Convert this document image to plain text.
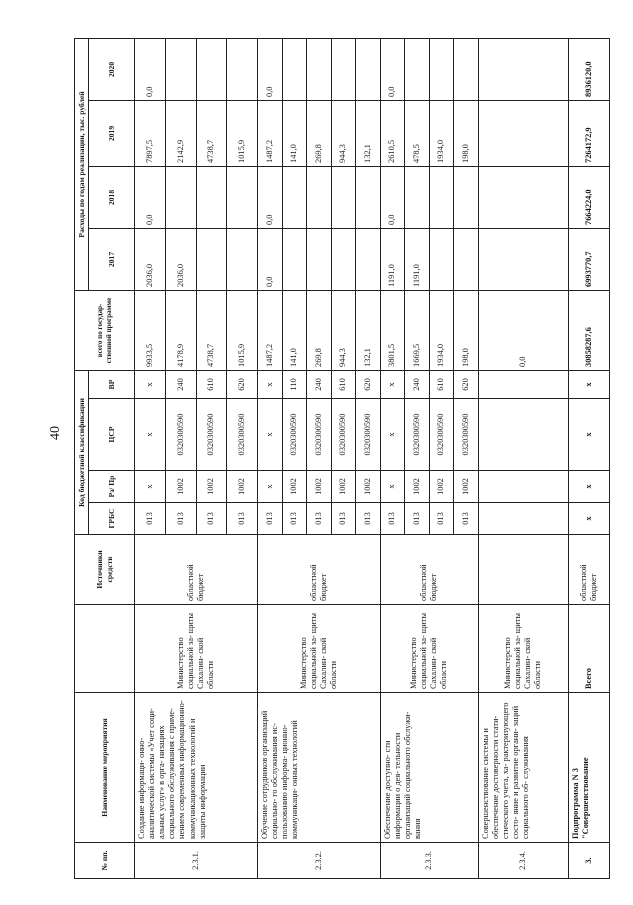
40
№ пп.	Наименование мероприятия		Источники средств	Код бюджетной классификации				всего по государ- ственной программе	Расходы по годам реализации, тыс. рублей			
				ГРБС	Рз/ Пр	ЦСР	ВР		2017	2018	2019	2020
2.3.1.	Создание информаци- онно- аналитической системы «Учет соци- альных услуг» в орга- низациях социального обслуживания с приме- нением современных информационно- коммуникационных технологий и защиты информации	Министерство социальной за- щиты Сахалин- ской области	областной бюджет	013	x	x	x	9933,5	2036,0	0,0	7897,5	0,0
				013	1002	0320300590	240	4178,9	2036,0		2142,9	
				013	1002	0320300590	610	4738,7			4738,7	
				013	1002	0320300590	620	1015,9			1015,9	
2.3.2.	Обучение сотрудников организаций социально- го обслуживания ис- пользованию информа- ционно- коммуникаци- онных технологий	Министерство социальной за- щиты Сахалин- ской области	областной бюджет	013	x	x	x	1487,2	0,0	0,0	1487,2	0,0
				013	1002	0320300590	110	141,0			141,0	
				013	1002	0320300590	240	269,8			269,8	
				013	1002	0320300590	610	944,3			944,3	
				013	1002	0320300590	620	132,1			132,1	
2.3.3.	Обеспечение доступно- сти информации о дея- тельности организаций социального обслужи- вания	Министерство социальной за- щиты Сахалин- ской области	областной бюджет	013	x	x	x	3801,5	1191,0	0,0	2610,5	0,0
				013	1002	0320300590	240	1669,5	1191,0		478,5	
				013	1002	0320300590	610	1934,0			1934,0	
				013	1002	0320300590	620	198,0			198,0	
2.3.4.	Совершенствование системы и обеспечение достоверности стати- стического учета, ха- рактеризующего состо- яние и развитие органи- заций социального об- служивания	Министерство социальной за- щиты Сахалин- ской области						0,0				
3.	Подпрограмма N 3 "Совершенствование	Всего	областной бюджет	x	x	x	x	30858287,6	6993770,7	7664224,0	7264172,9	8936120,0
